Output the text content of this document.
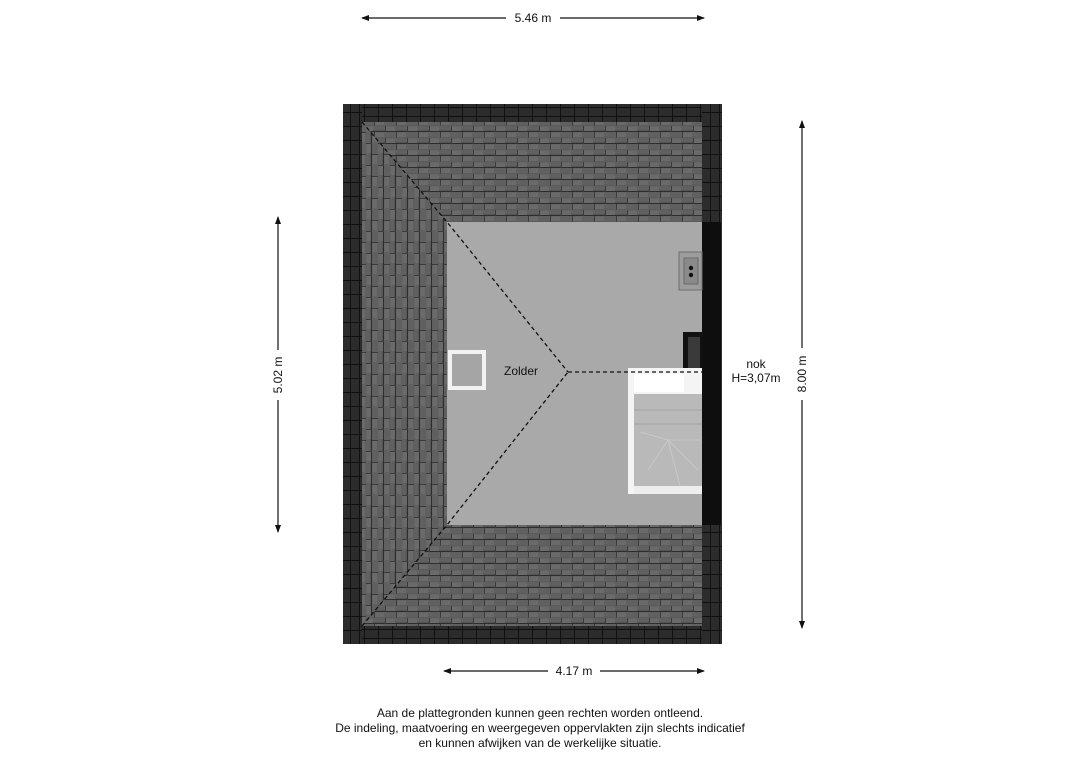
Zolder	nok
H=3,07m
5.46 m
4.17 m
5.02 m	8.00 m
Aan de plattegronden kunnen geen rechten worden ontleend.
De indeling, maatvoering en weergegeven oppervlakten zijn slechts indicatief
en kunnen afwijken van de werkelijke situatie.
